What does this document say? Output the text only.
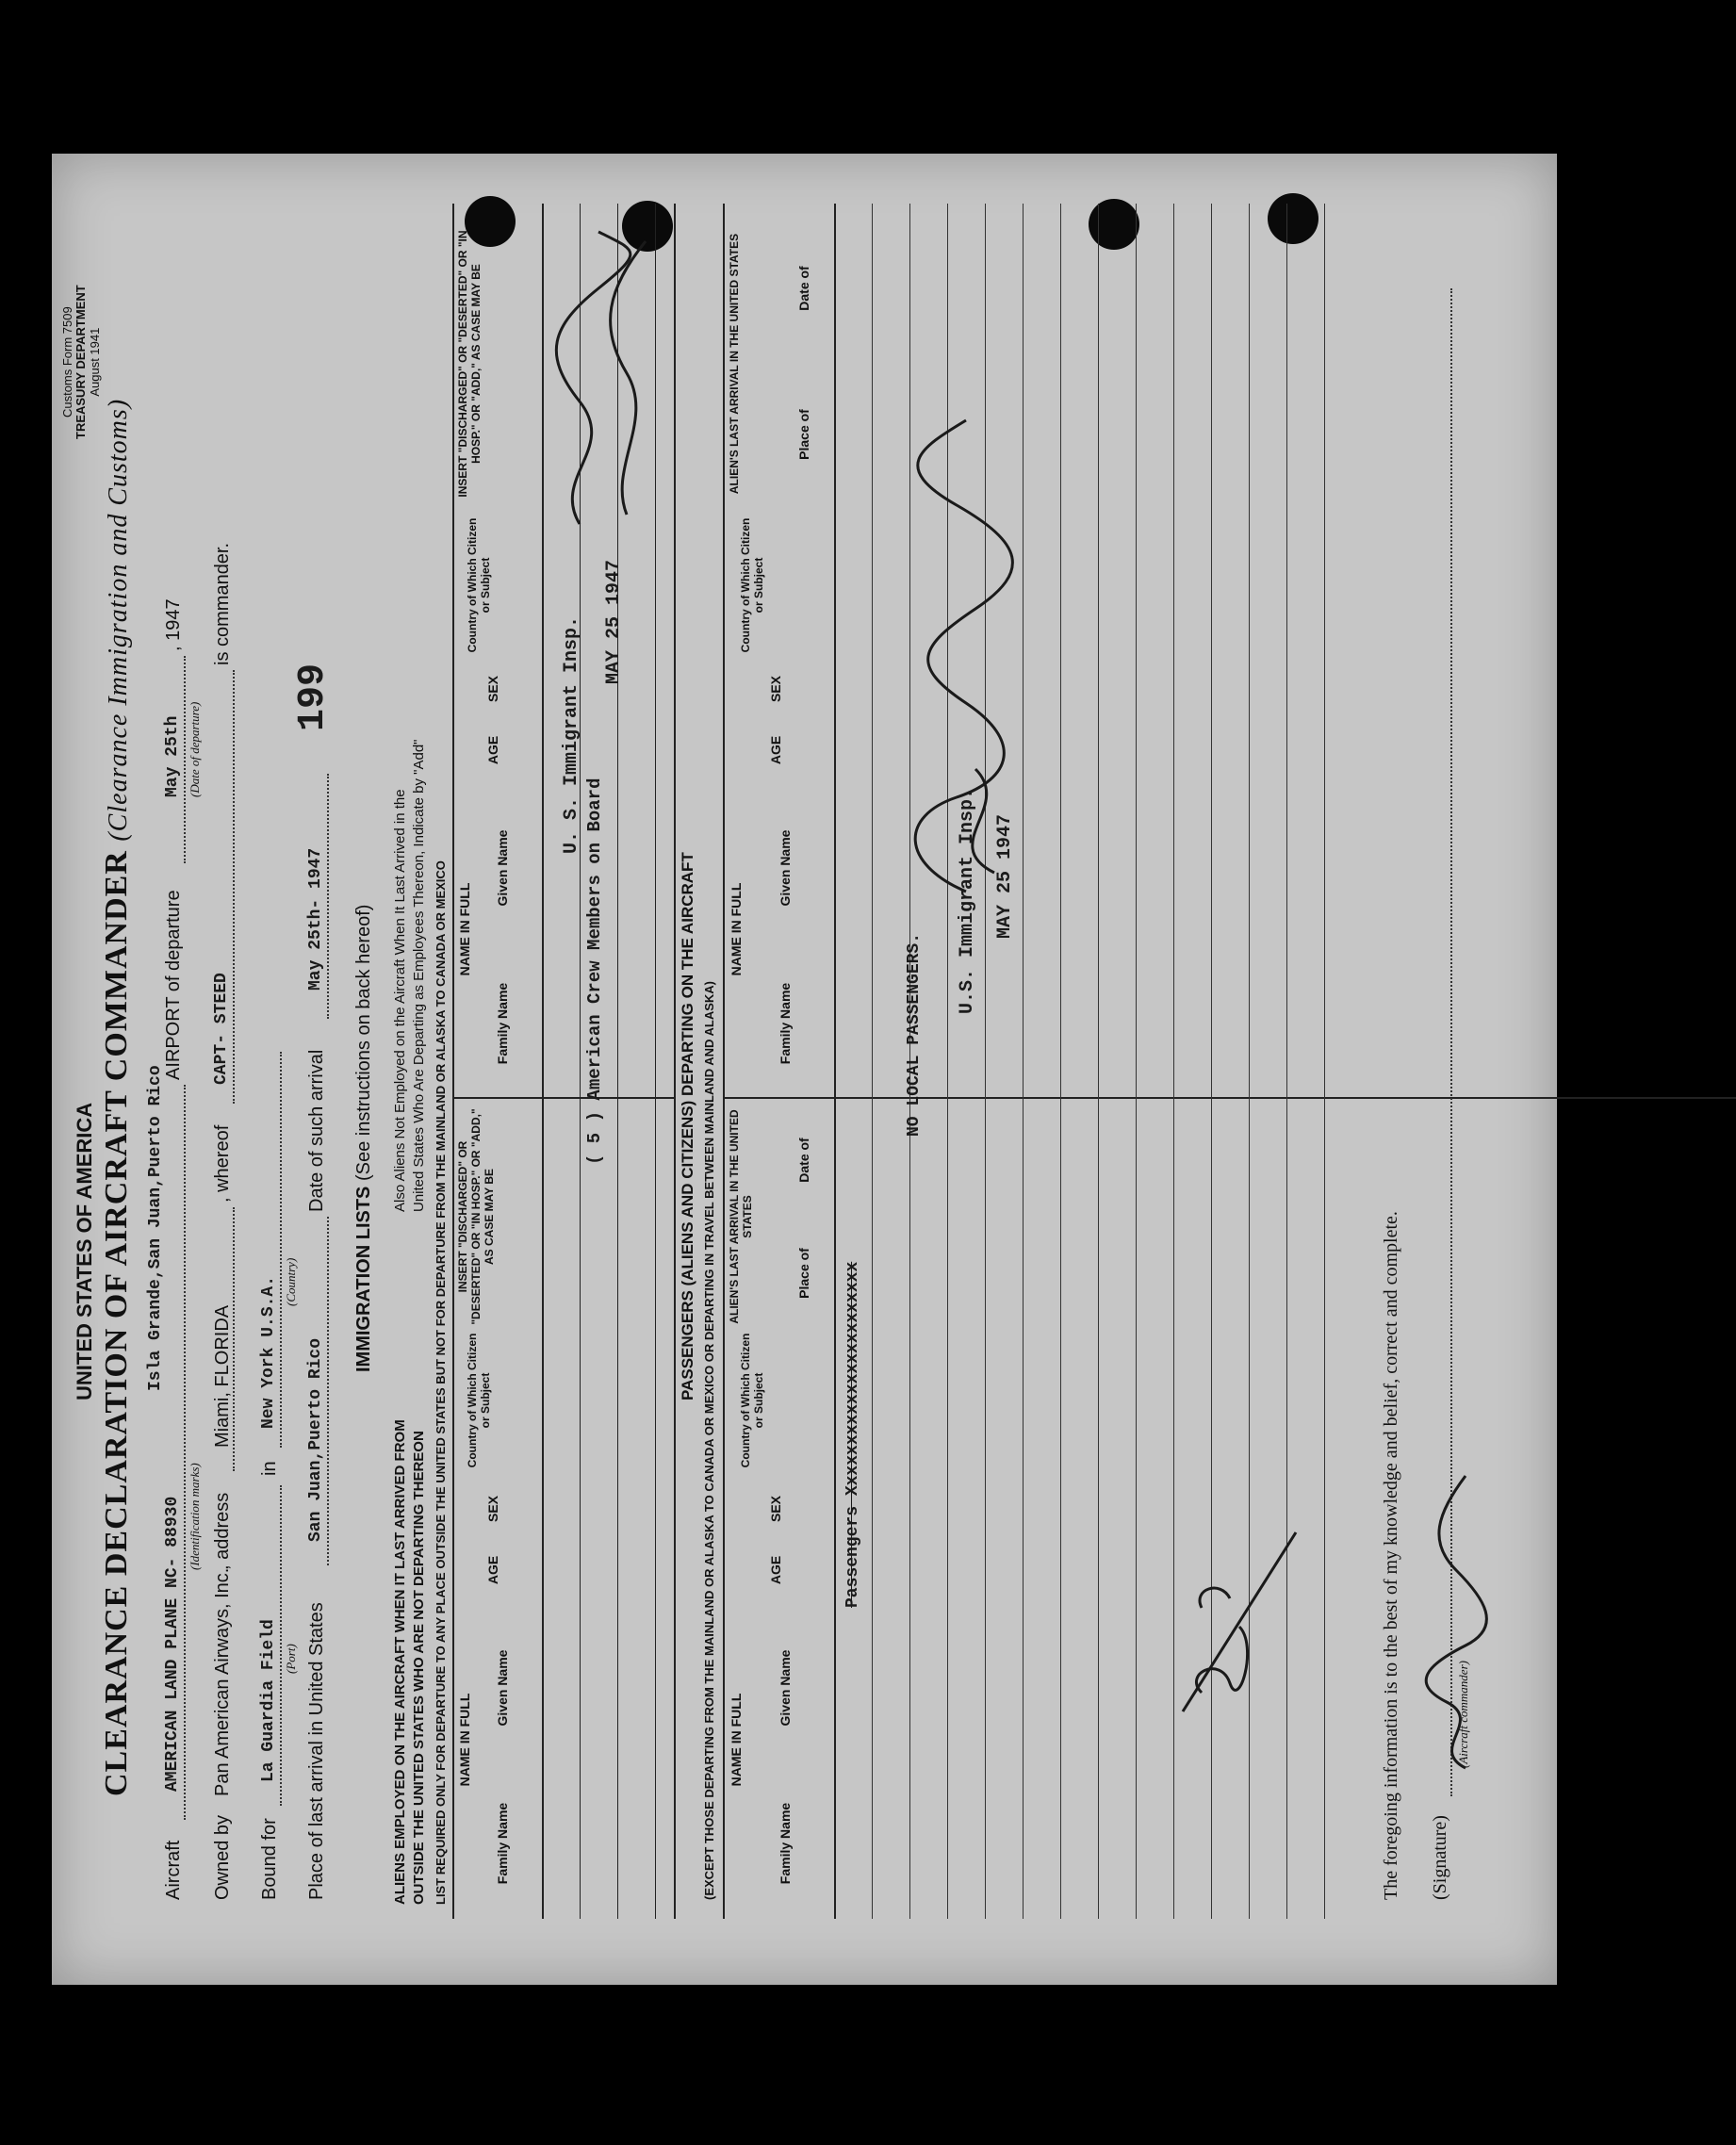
Customs Form 7509 TREASURY DEPARTMENT August 1941
UNITED STATES OF AMERICA CLEARANCE DECLARATION OF AIRCRAFT COMMANDER (Clearance Immigration and Customs)
Aircraft
AMERICAN LAND PLANE NC- 88930 (Identification marks)
Isla Grande,San Juan,Puerto Rico
AIRPORT of departure
May 25th (Date of departure)
, 1947
Owned by
Pan American Airways, Inc.
, address
Miami, FLORIDA
, whereof
CAPT- STEED
is commander.
Bound for
La Guardia Field (Port)
in
New York U.S.A. (Country)
Place of last arrival in United States
San Juan,Puerto Rico
Date of such arrival
May 25th- 1947
199
IMMIGRATION LISTS (See instructions on back hereof)
ALIENS EMPLOYED ON THE AIRCRAFT WHEN IT LAST ARRIVED FROM OUTSIDE THE UNITED STATES WHO ARE NOT DEPARTING THEREON
Also Aliens Not Employed on the Aircraft When It Last Arrived in the United States Who Are Departing as Employees Thereon, Indicate by "Add" LIST REQUIRED ONLY FOR DEPARTURE TO ANY PLACE OUTSIDE THE UNITED STATES BUT NOT FOR DEPARTURE FROM THE MAINLAND OR ALASKA TO CANADA OR MEXICO NAME IN FULL
Family Name
Given Name
AGE
SEX
Country of Which Citizen or Subject
INSERT "DISCHARGED" OR "DESERTED" OR "IN HOSP." OR "ADD," AS CASE MAY BE
NAME IN FULL
Family Name
Given Name
AGE
SEX
Country of Which Citizen or Subject
INSERT "DISCHARGED" OR "DESERTED" OR "IN HOSP." OR "ADD," AS CASE MAY BE
( 5 ) American Crew Members on Board
U. S. Immigrant Insp. MAY 25 1947
PASSENGERS (ALIENS AND CITIZENS) DEPARTING ON THE AIRCRAFT (EXCEPT THOSE DEPARTING FROM THE MAINLAND OR ALASKA TO CANADA OR MEXICO OR DEPARTING IN TRAVEL BETWEEN MAINLAND AND ALASKA) NAME IN FULL
Family Name
Given Name
AGE
SEX
Country of Which Citizen or Subject
ALIEN'S LAST ARRIVAL IN THE UNITED STATES
Place of
Date of
NAME IN FULL
Family Name
Given Name
AGE
SEX
Country of Which Citizen or Subject
ALIEN'S LAST ARRIVAL IN THE UNITED STATES	Place of
Date of
Passengers Xxxxxxxxxxxxxxxxxxxxxxx
NO LOCAL PASSENGERS.
U.S. Immigrant Insp. MAY 25 1947
The foregoing information is to the best of my knowledge and belief, correct and complete. (Signature)
(Aircraft commander)
